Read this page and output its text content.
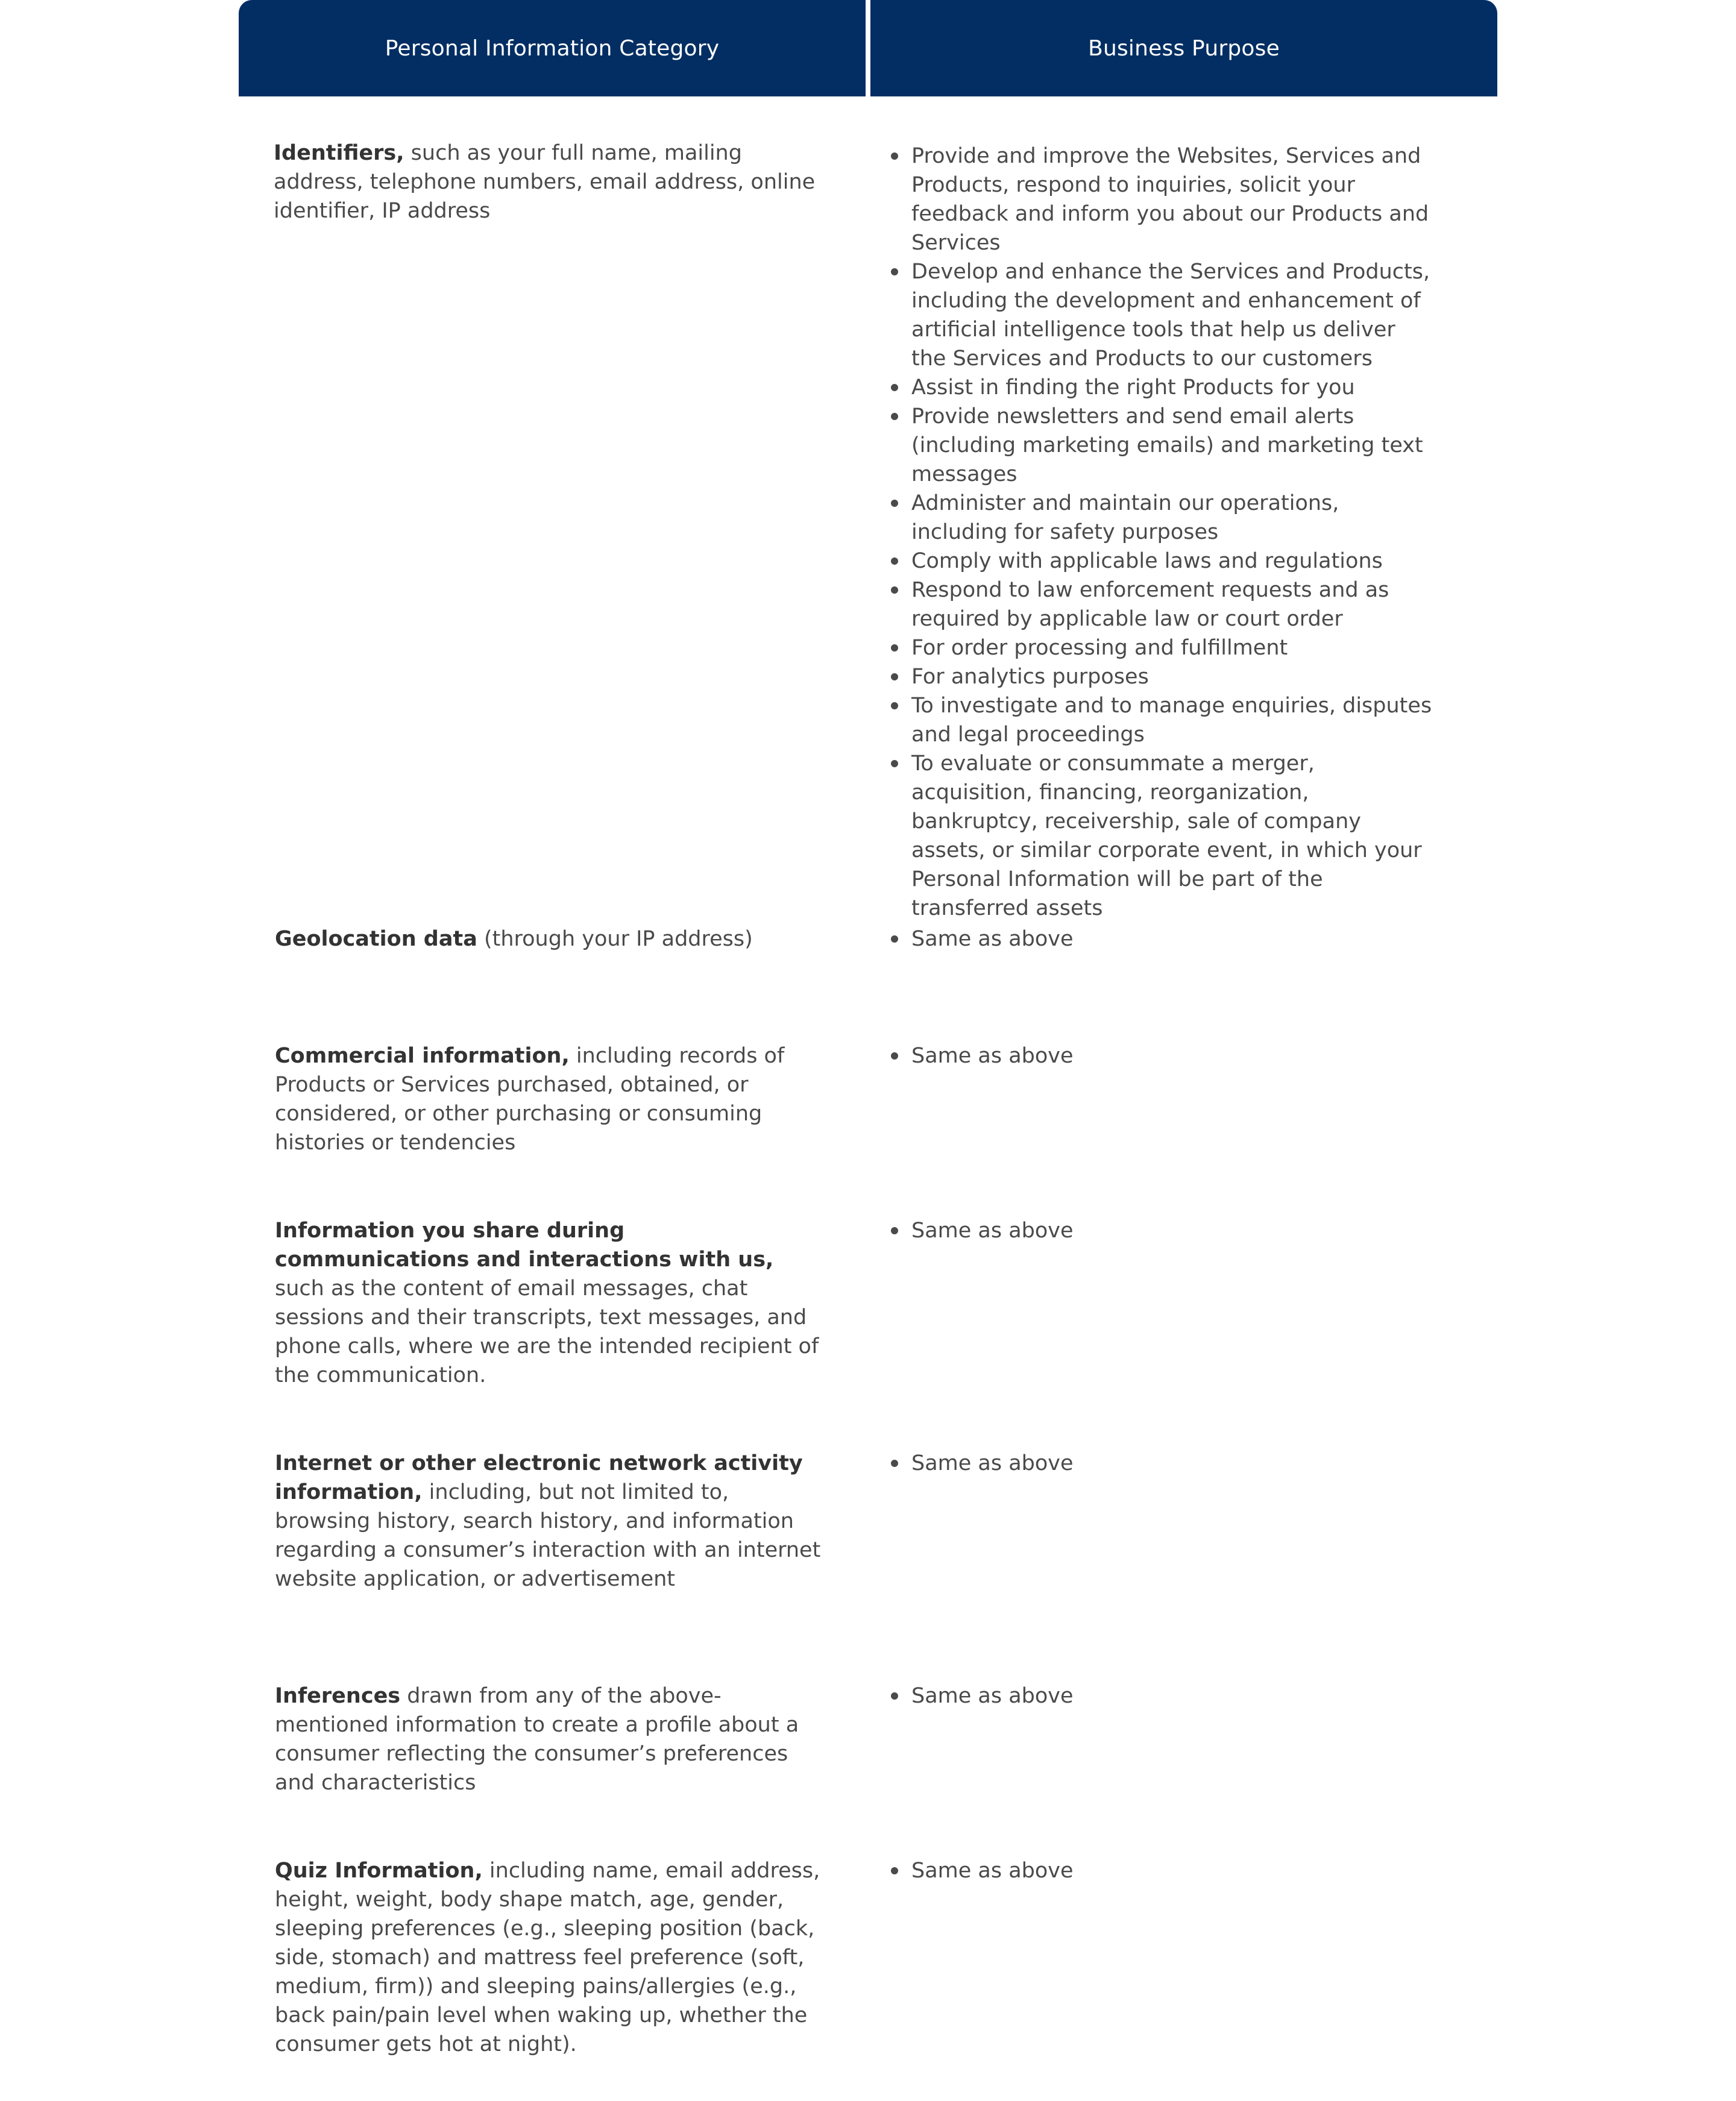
Personal Information Category	Business Purpose
Identifiers, such as your full name, mailing address, telephone numbers, email address, online identifier, IP address
Provide and improve the Websites, Services and Products, respond to inquiries, solicit your feedback and inform you about our Products and Services
Develop and enhance the Services and Products, including the development and enhancement of artificial intelligence tools that help us deliver the Services and Products to our customers
Assist in finding the right Products for you
Provide newsletters and send email alerts (including marketing emails) and marketing text messages
Administer and maintain our operations, including for safety purposes
Comply with applicable laws and regulations
Respond to law enforcement requests and as required by applicable law or court order
For order processing and fulfillment
For analytics purposes
To investigate and to manage enquiries, disputes and legal proceedings
To evaluate or consummate a merger, acquisition, financing, reorganization, bankruptcy, receivership, sale of company assets, or similar corporate event, in which your Personal Information will be part of the transferred assets
Geolocation data (through your IP address)	Same as above
Commercial information, including records of Products or Services purchased, obtained, or considered, or other purchasing or consuming histories or tendencies
Same as above
Information you share during communications and interactions with us, such as the content of email messages, chat sessions and their transcripts, text messages, and phone calls, where we are the intended recipient of the communication.
Same as above
Internet or other electronic network activity information, including, but not limited to, browsing history, search history, and information regarding a consumer’s interaction with an internet website application, or advertisement
Same as above
Inferences drawn from any of the above-mentioned information to create a profile about a consumer reflecting the consumer’s preferences and characteristics
Same as above
Quiz Information, including name, email address, height, weight, body shape match, age, gender, sleeping preferences (e.g., sleeping position (back, side, stomach) and mattress feel preference (soft, medium, firm)) and sleeping pains/allergies (e.g., back pain/pain level when waking up, whether the consumer gets hot at night).
Same as above
